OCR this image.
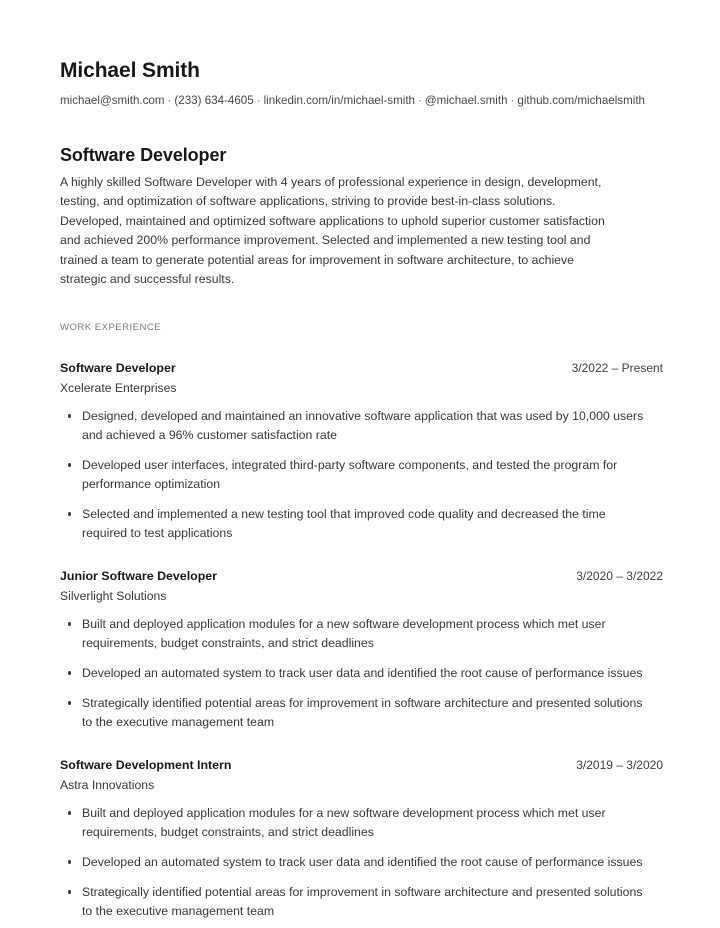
Michael Smith
michael@smith.com · (233) 634-4605 · linkedin.com/in/michael-smith · @michael.smith · github.com/michaelsmith
Software Developer
A highly skilled Software Developer with 4 years of professional experience in design, development, testing, and optimization of software applications, striving to provide best-in-class solutions. Developed, maintained and optimized software applications to uphold superior customer satisfaction and achieved 200% performance improvement. Selected and implemented a new testing tool and trained a team to generate potential areas for improvement in software architecture, to achieve strategic and successful results.
WORK EXPERIENCE
Software Developer	3/2022 – Present
Xcelerate Enterprises
Designed, developed and maintained an innovative software application that was used by 10,000 users and achieved a 96% customer satisfaction rate
Developed user interfaces, integrated third-party software components, and tested the program for performance optimization
Selected and implemented a new testing tool that improved code quality and decreased the time required to test applications
Junior Software Developer	3/2020 – 3/2022
Silverlight Solutions
Built and deployed application modules for a new software development process which met user requirements, budget constraints, and strict deadlines
Developed an automated system to track user data and identified the root cause of performance issues
Strategically identified potential areas for improvement in software architecture and presented solutions to the executive management team
Software Development Intern	3/2019 – 3/2020
Astra Innovations
Built and deployed application modules for a new software development process which met user requirements, budget constraints, and strict deadlines
Developed an automated system to track user data and identified the root cause of performance issues
Strategically identified potential areas for improvement in software architecture and presented solutions to the executive management team
